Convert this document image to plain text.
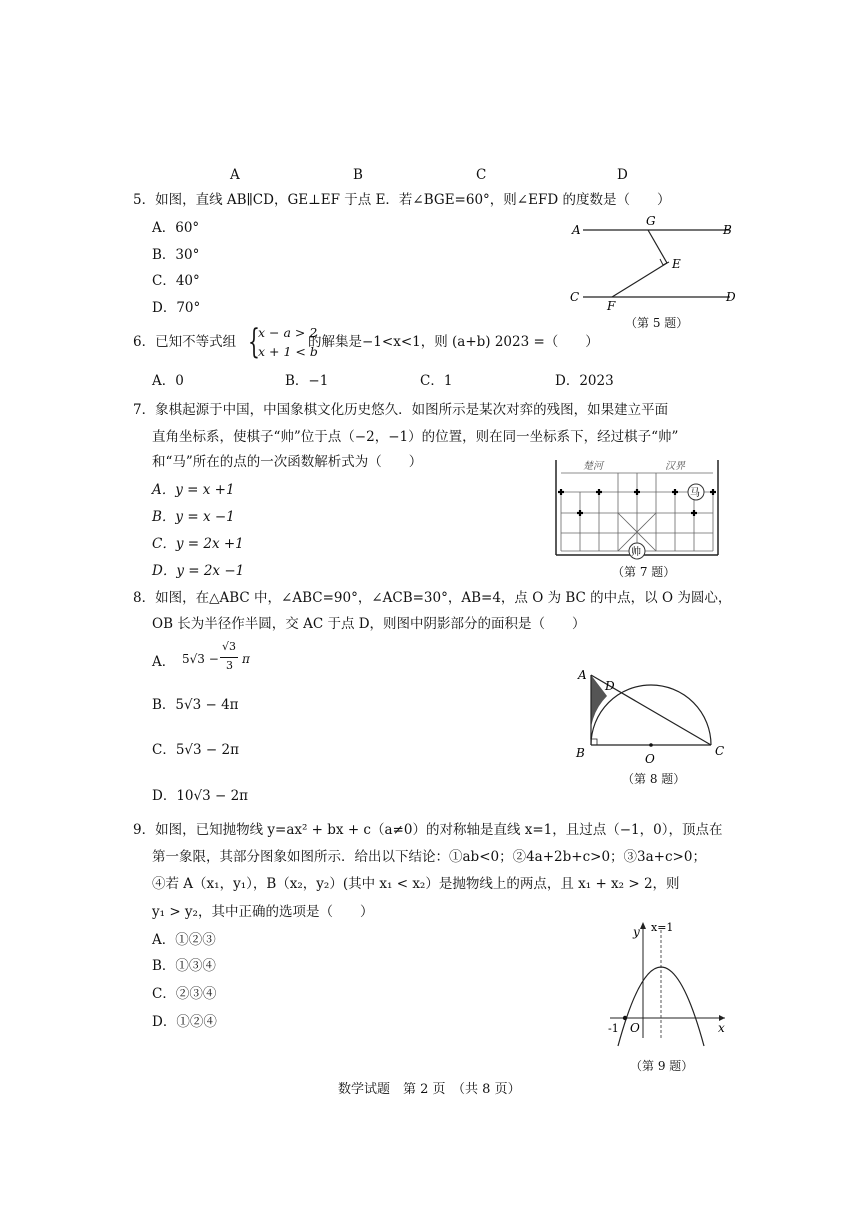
A	B	C	D
5．如图，直线 AB∥CD，GE⊥EF 于点 E．若∠BGE=60°，则∠EFD 的度数是（　　）
A．60°
B．30°
C．40°
D．70°
A	B
G
E
C	D
F
（第 5 题）
6．已知不等式组 {
x − a > 2
x + 1 < b
的解集是−1<x<1，则 (a+b) 2023 =（　　）
A．0	B．−1	C．1	D．2023
7．象棋起源于中国，中国象棋文化历史悠久．如图所示是某次对弈的残图，如果建立平面
直角坐标系，使棋子“帅”位于点（−2，−1）的位置，则在同一坐标系下，经过棋子“帅”
和“马”所在的点的一次函数解析式为（　　）
A．y = x +1
B．y = x −1
C．y = 2x +1
D．y = 2x −1
楚河	汉界
马
帅
（第 7 题）
8．如图，在△ABC 中，∠ABC=90°，∠ACB=30°，AB=4，点 O 为 BC 的中点，以 O 为圆心，
OB 长为半径作半圆，交 AC 于点 D，则图中阴影部分的面积是（　　）
A． 5√3 −
√3
3 π
B．5√3 − 4π
C．5√3 − 2π
D．10√3 − 2π
A
D
B	C
O
（第 8 题）
9．如图，已知抛物线 y=ax² + bx + c（a≠0）的对称轴是直线 x=1，且过点（−1，0），顶点在
第一象限，其部分图象如图所示．给出以下结论：①ab<0；②4a+2b+c>0；③3a+c>0；
④若 A（x₁，y₁），B（x₂，y₂）(其中 x₁ < x₂）是抛物线上的两点，且 x₁ + x₂ > 2，则
y₁ > y₂，其中正确的选项是（　　）
A．①②③
B．①③④
C．②③④
D．①②④
y x=1
-1 O	x
（第 9 题）
数学试题　第 2 页　（共 8 页）
